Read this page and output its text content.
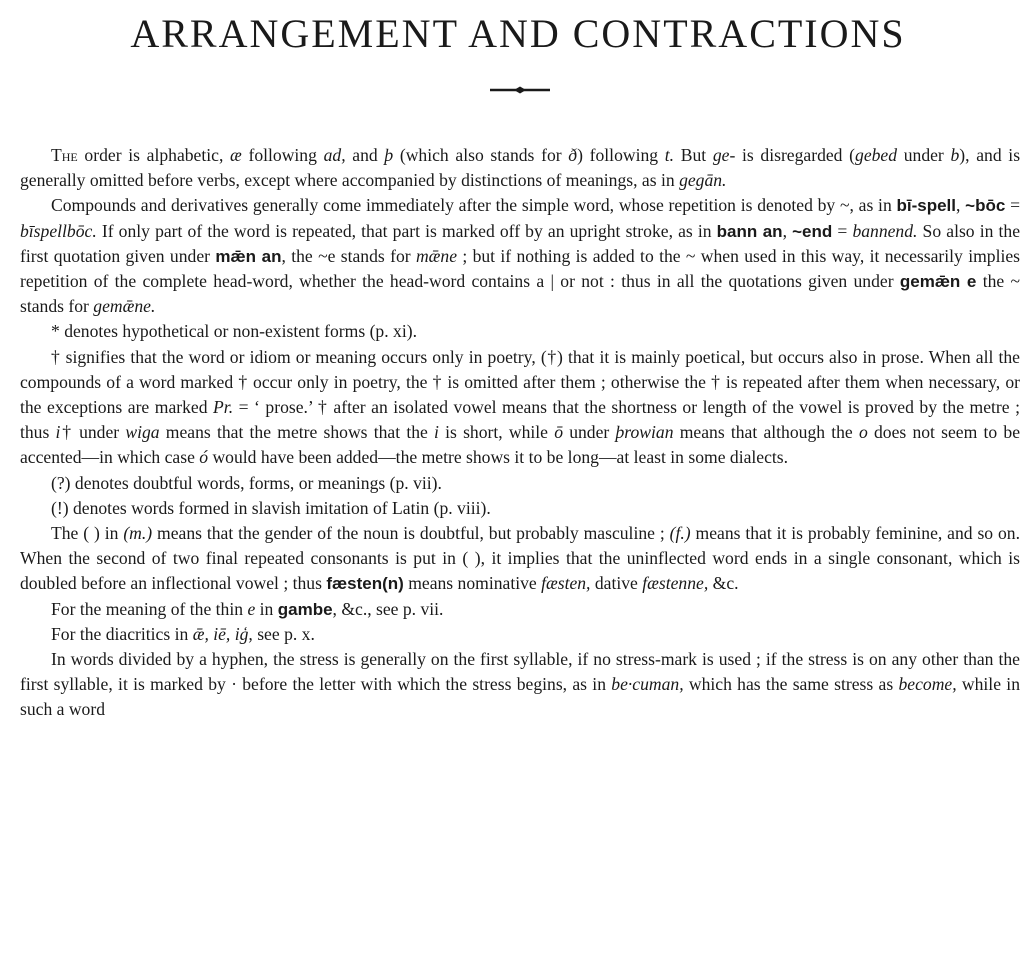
ARRANGEMENT AND CONTRACTIONS

The order is alphabetic, æ following ad, and þ (which also stands for ð) following t. But ge- is disregarded (gebed under b), and is generally omitted before verbs, except where accompanied by distinctions of meanings, as in gegān.

Compounds and derivatives generally come immediately after the simple word, whose repetition is denoted by ~, as in bī-spell, ~bōc = bīspellbōc. If only part of the word is repeated, that part is marked off by an upright stroke, as in bann an, ~end = bannend. So also in the first quotation given under mǣn an, the ~e stands for mǣne ; but if nothing is added to the ~ when used in this way, it necessarily implies repetition of the complete head-word, whether the head-word contains a | or not : thus in all the quotations given under gemǣn e the ~ stands for gemǣne.

* denotes hypothetical or non-existent forms (p. xi).

† signifies that the word or idiom or meaning occurs only in poetry, (†) that it is mainly poetical, but occurs also in prose. When all the compounds of a word marked † occur only in poetry, the † is omitted after them ; otherwise the † is repeated after them when necessary, or the exceptions are marked Pr. = ‘ prose.’ † after an isolated vowel means that the shortness or length of the vowel is proved by the metre ; thus i† under wiga means that the metre shows that the i is short, while ō under þrowian means that although the o does not seem to be accented—in which case ó would have been added—the metre shows it to be long—at least in some dialects.

(?) denotes doubtful words, forms, or meanings (p. vii).

(!) denotes words formed in slavish imitation of Latin (p. viii).

The ( ) in (m.) means that the gender of the noun is doubtful, but probably masculine ; (f.) means that it is probably feminine, and so on. When the second of two final repeated consonants is put in ( ), it implies that the uninflected word ends in a single consonant, which is doubled before an inflectional vowel ; thus fæsten(n) means nominative fæsten, dative fæstenne, &c.

For the meaning of the thin e in gambe, &c., see p. vii.

For the diacritics in ǣ, iē, iģ, see p. x.

In words divided by a hyphen, the stress is generally on the first syllable, if no stress-mark is used ; if the stress is on any other than the first syllable, it is marked by · before the letter with which the stress begins, as in be·cuman, which has the same stress as become, while in such a word
